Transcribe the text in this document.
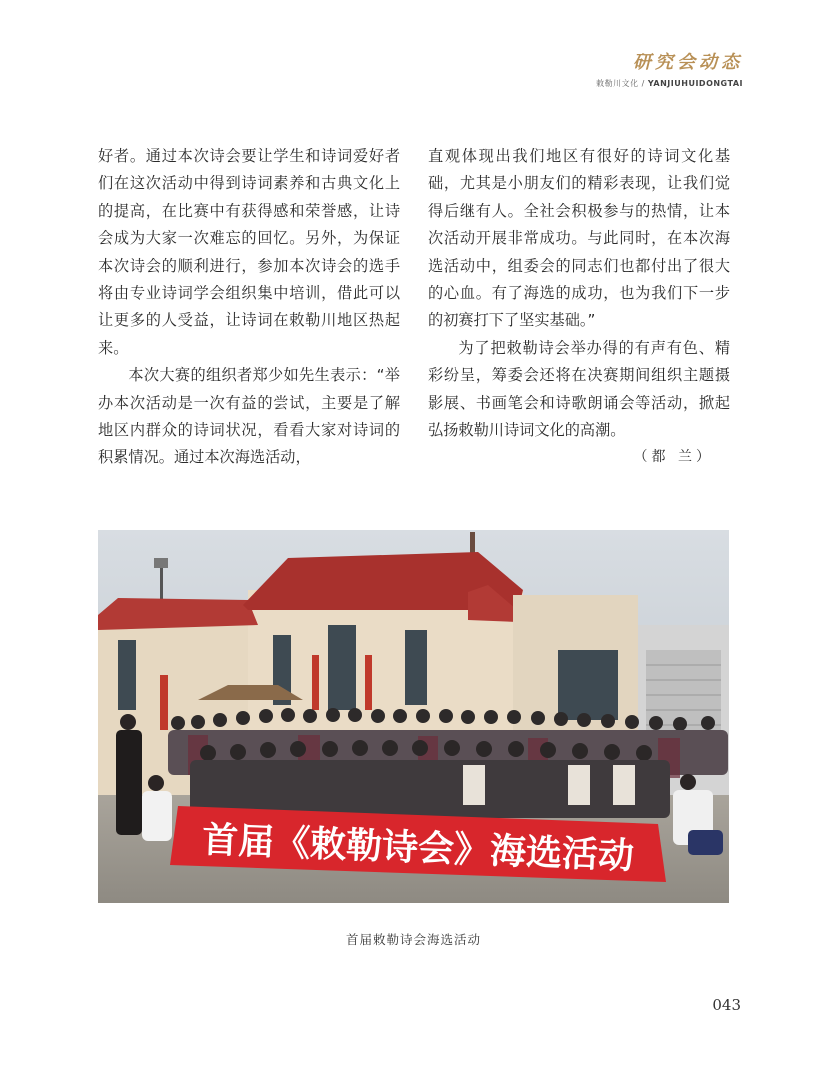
研究会动态
敕勒川文化 / YANJIUHUIDONGTAI

好者。通过本次诗会要让学生和诗词爱好者们在这次活动中得到诗词素养和古典文化上的提高，在比赛中有获得感和荣誉感，让诗会成为大家一次难忘的回忆。另外，为保证本次诗会的顺利进行，参加本次诗会的选手将由专业诗词学会组织集中培训，借此可以让更多的人受益，让诗词在敕勒川地区热起来。

本次大赛的组织者郑少如先生表示：“举办本次活动是一次有益的尝试，主要是了解地区内群众的诗词状况，看看大家对诗词的积累情况。通过本次海选活动，

直观体现出我们地区有很好的诗词文化基础，尤其是小朋友们的精彩表现，让我们觉得后继有人。全社会积极参与的热情，让本次活动开展非常成功。与此同时，在本次海选活动中，组委会的同志们也都付出了很大的心血。有了海选的成功，也为我们下一步的初赛打下了坚实基础。”

为了把敕勒诗会举办得的有声有色、精彩纷呈，筹委会还将在决赛期间组织主题摄影展、书画笔会和诗歌朗诵会等活动，掀起弘扬敕勒川诗词文化的高潮。

（都 兰）

首届《敕勒诗会》海选活动
首届敕勒诗会海选活动
043
